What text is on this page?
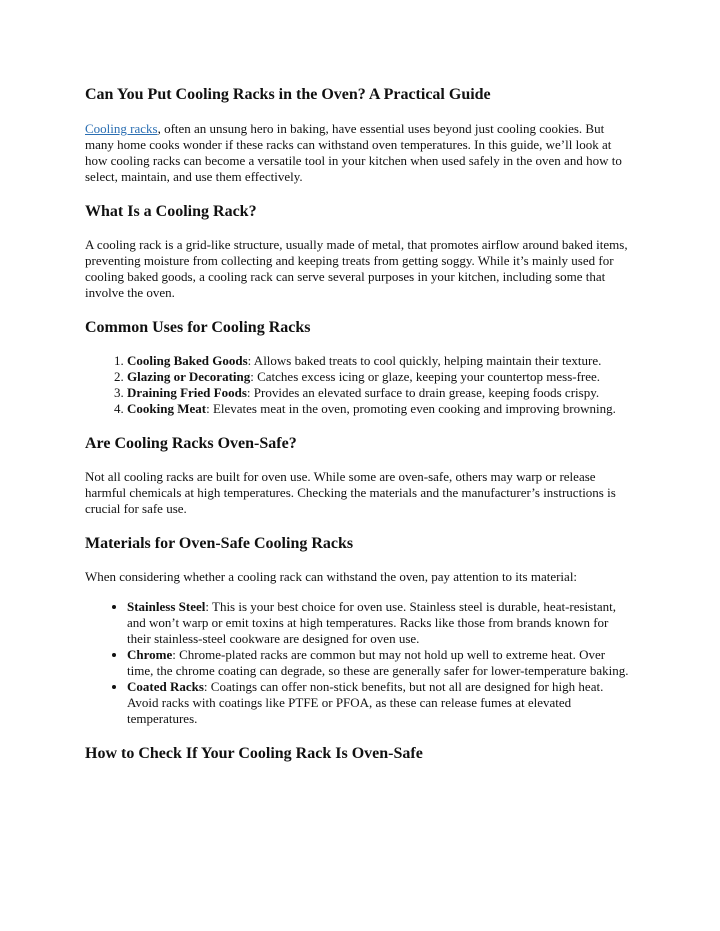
Can You Put Cooling Racks in the Oven? A Practical Guide

Cooling racks, often an unsung hero in baking, have essential uses beyond just cooling cookies. But many home cooks wonder if these racks can withstand oven temperatures. In this guide, we’ll look at how cooling racks can become a versatile tool in your kitchen when used safely in the oven and how to select, maintain, and use them effectively.

What Is a Cooling Rack?

A cooling rack is a grid-like structure, usually made of metal, that promotes airflow around baked items, preventing moisture from collecting and keeping treats from getting soggy. While it’s mainly used for cooling baked goods, a cooling rack can serve several purposes in your kitchen, including some that involve the oven.

Common Uses for Cooling Racks
1. Cooling Baked Goods: Allows baked treats to cool quickly, helping maintain their texture.
2. Glazing or Decorating: Catches excess icing or glaze, keeping your countertop mess-free.
3. Draining Fried Foods: Provides an elevated surface to drain grease, keeping foods crispy.
4. Cooking Meat: Elevates meat in the oven, promoting even cooking and improving browning.
Are Cooling Racks Oven-Safe?

Not all cooling racks are built for oven use. While some are oven-safe, others may warp or release harmful chemicals at high temperatures. Checking the materials and the manufacturer’s instructions is crucial for safe use.

Materials for Oven-Safe Cooling Racks

When considering whether a cooling rack can withstand the oven, pay attention to its material:

• Stainless Steel: This is your best choice for oven use. Stainless steel is durable, heat-resistant, and won’t warp or emit toxins at high temperatures. Racks like those from brands known for their stainless-steel cookware are designed for oven use.
• Chrome: Chrome-plated racks are common but may not hold up well to extreme heat. Over time, the chrome coating can degrade, so these are generally safer for lower-temperature baking.
• Coated Racks: Coatings can offer non-stick benefits, but not all are designed for high heat. Avoid racks with coatings like PTFE or PFOA, as these can release fumes at elevated temperatures.
How to Check If Your Cooling Rack Is Oven-Safe
